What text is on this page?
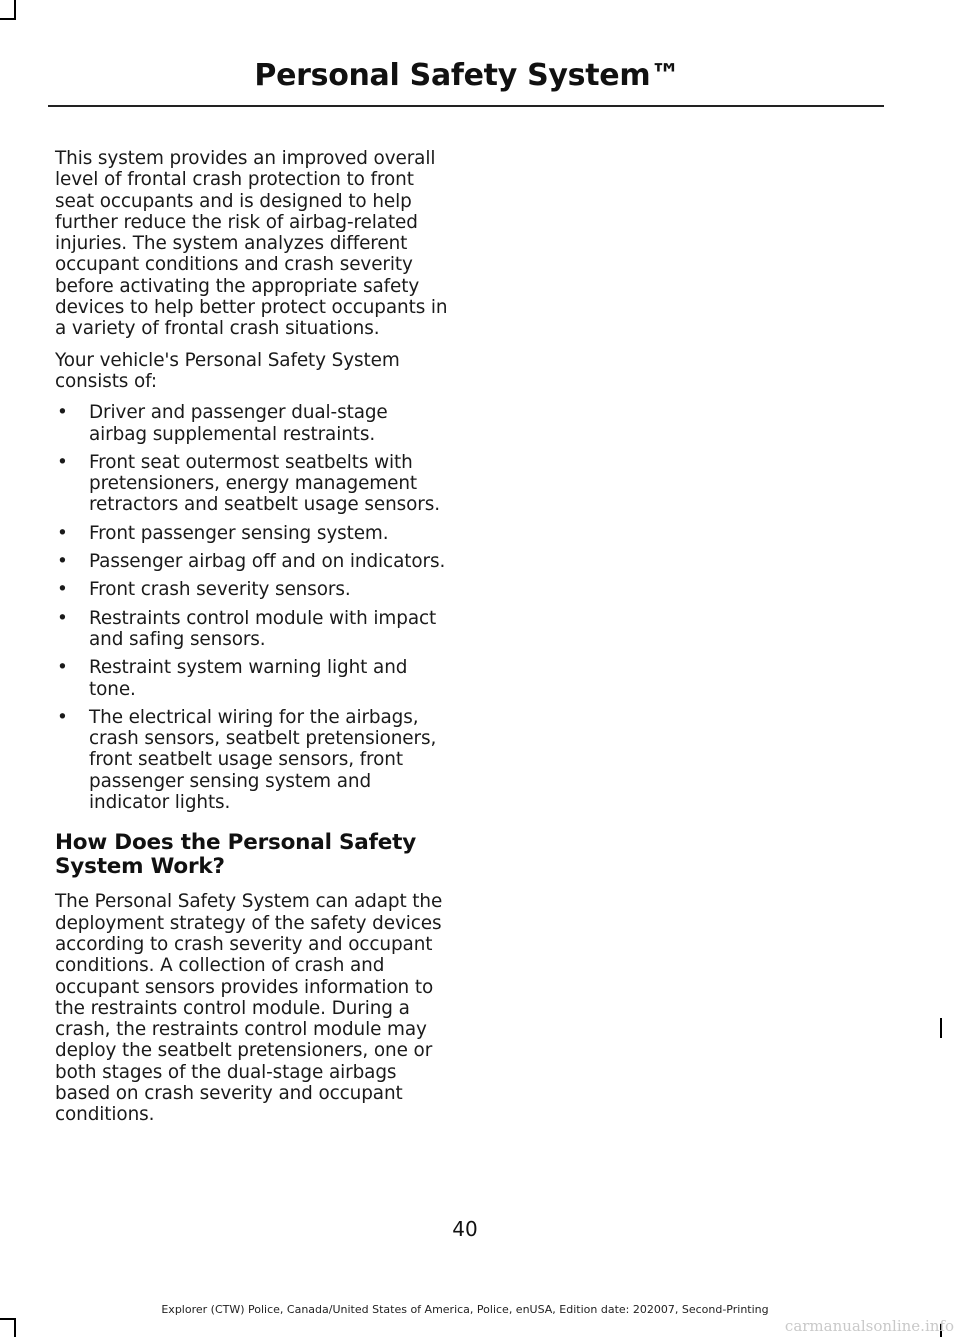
Personal Safety System™

This system provides an improved overall level of frontal crash protection to front seat occupants and is designed to help further reduce the risk of airbag-related injuries. The system analyzes different occupant conditions and crash severity before activating the appropriate safety devices to help better protect occupants in a variety of frontal crash situations.

Your vehicle's Personal Safety System consists of:

• Driver and passenger dual-stage airbag supplemental restraints.
• Front seat outermost seatbelts with pretensioners, energy management retractors and seatbelt usage sensors.
• Front passenger sensing system.
• Passenger airbag off and on indicators.
• Front crash severity sensors.
• Restraints control module with impact and safing sensors.
• Restraint system warning light and tone.
• The electrical wiring for the airbags, crash sensors, seatbelt pretensioners, front seatbelt usage sensors, front passenger sensing system and indicator lights.
How Does the Personal Safety System Work?

The Personal Safety System can adapt the deployment strategy of the safety devices according to crash severity and occupant conditions. A collection of crash and occupant sensors provides information to the restraints control module. During a crash, the restraints control module may deploy the seatbelt pretensioners, one or both stages of the dual-stage airbags based on crash severity and occupant conditions.

40
Explorer (CTW) Police, Canada/United States of America, Police, enUSA, Edition date: 202007, Second-Printing
carmanualsonline.info
